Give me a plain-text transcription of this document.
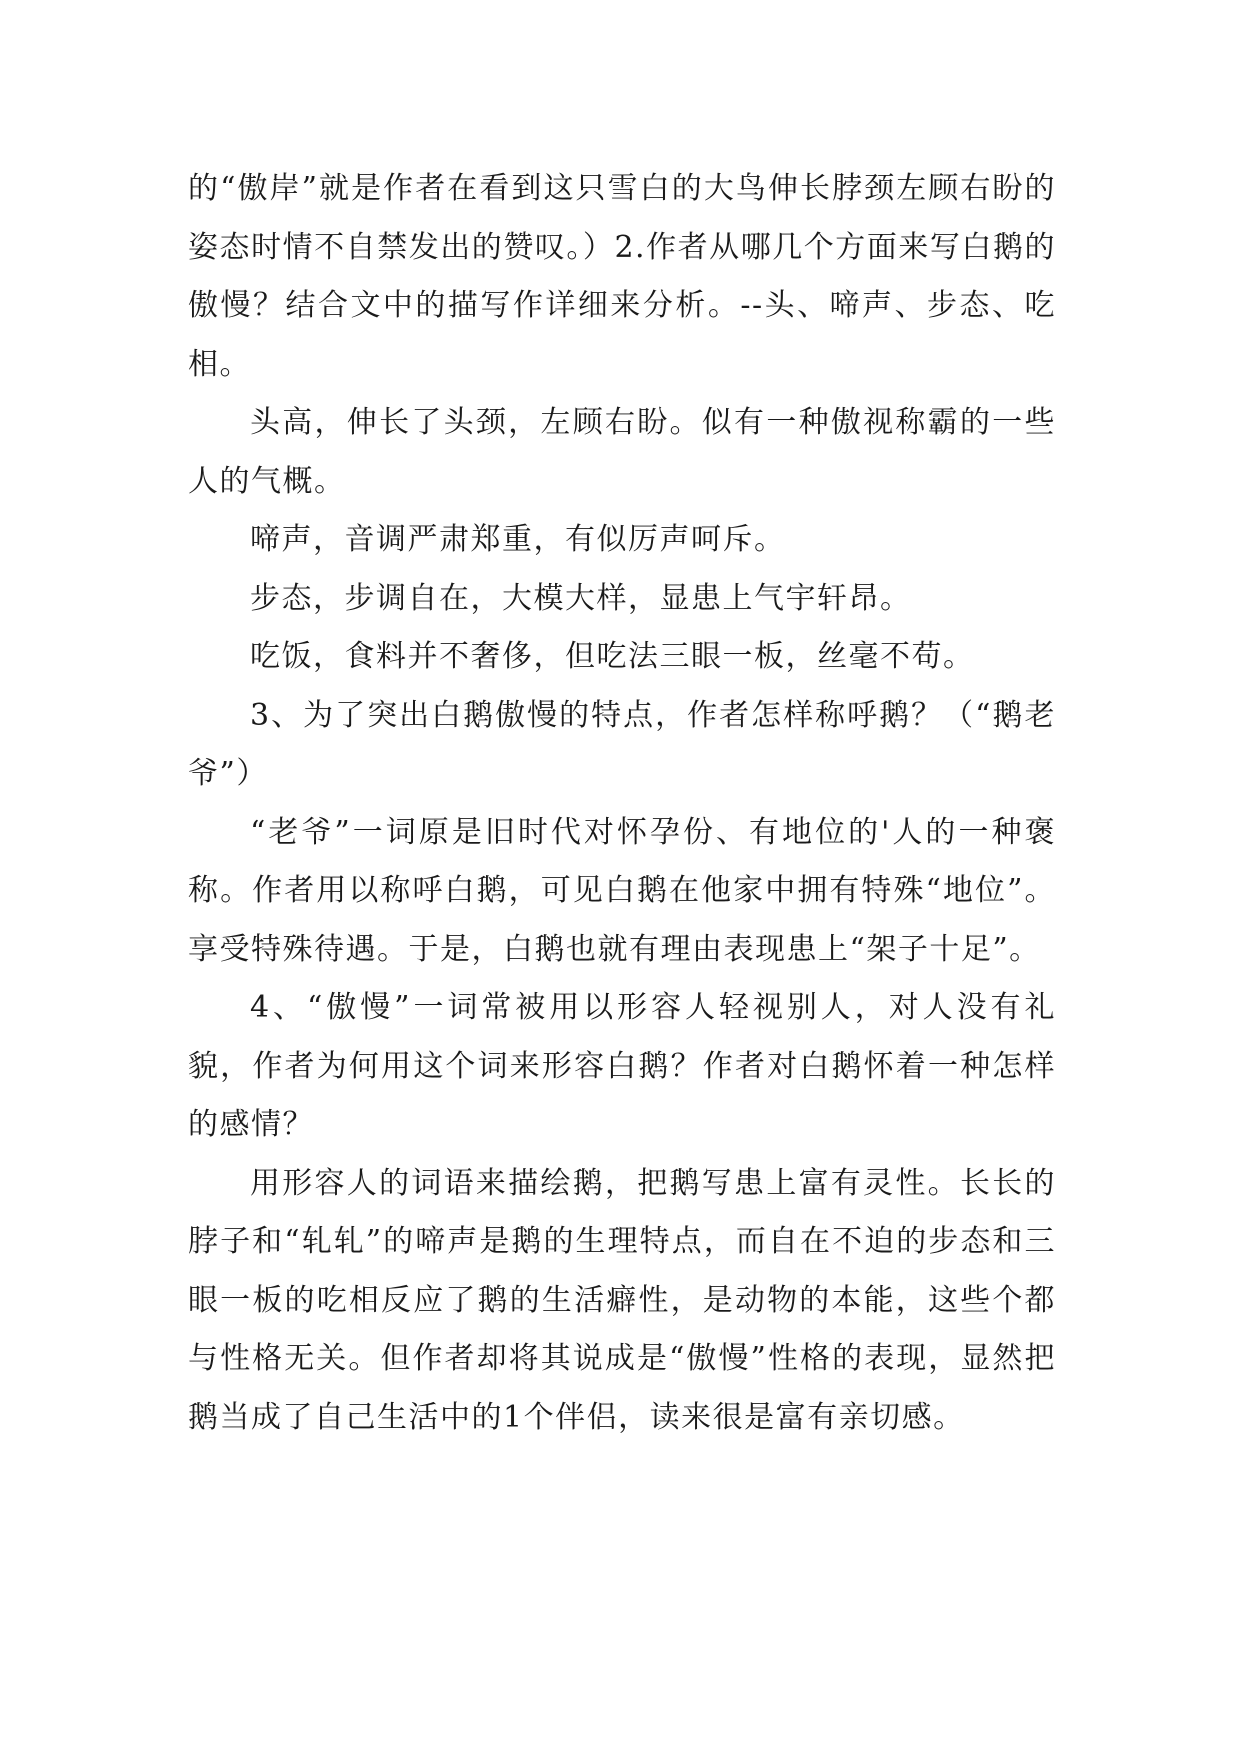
的“傲岸”就是作者在看到这只雪白的大鸟伸长脖颈左顾右盼的姿态时情不自禁发出的赞叹。）2.作者从哪几个方面来写白鹅的傲慢？结合文中的描写作详细来分析。--头、啼声、步态、吃相。

头高，伸长了头颈，左顾右盼。似有一种傲视称霸的一些人的气概。

啼声，音调严肃郑重，有似厉声呵斥。

步态，步调自在，大模大样，显患上气宇轩昂。

吃饭，食料并不奢侈，但吃法三眼一板，丝毫不苟。

3、为了突出白鹅傲慢的特点，作者怎样称呼鹅？（“鹅老爷”）

“老爷”一词原是旧时代对怀孕份、有地位的'人的一种褒称。作者用以称呼白鹅，可见白鹅在他家中拥有特殊“地位”。享受特殊待遇。于是，白鹅也就有理由表现患上“架子十足”。

4、“傲慢”一词常被用以形容人轻视别人，对人没有礼貌，作者为何用这个词来形容白鹅？作者对白鹅怀着一种怎样的感情？

用形容人的词语来描绘鹅，把鹅写患上富有灵性。长长的脖子和“轧轧”的啼声是鹅的生理特点，而自在不迫的步态和三眼一板的吃相反应了鹅的生活癖性，是动物的本能，这些个都与性格无关。但作者却将其说成是“傲慢”性格的表现，显然把鹅当成了自己生活中的1个伴侣，读来很是富有亲切感。
